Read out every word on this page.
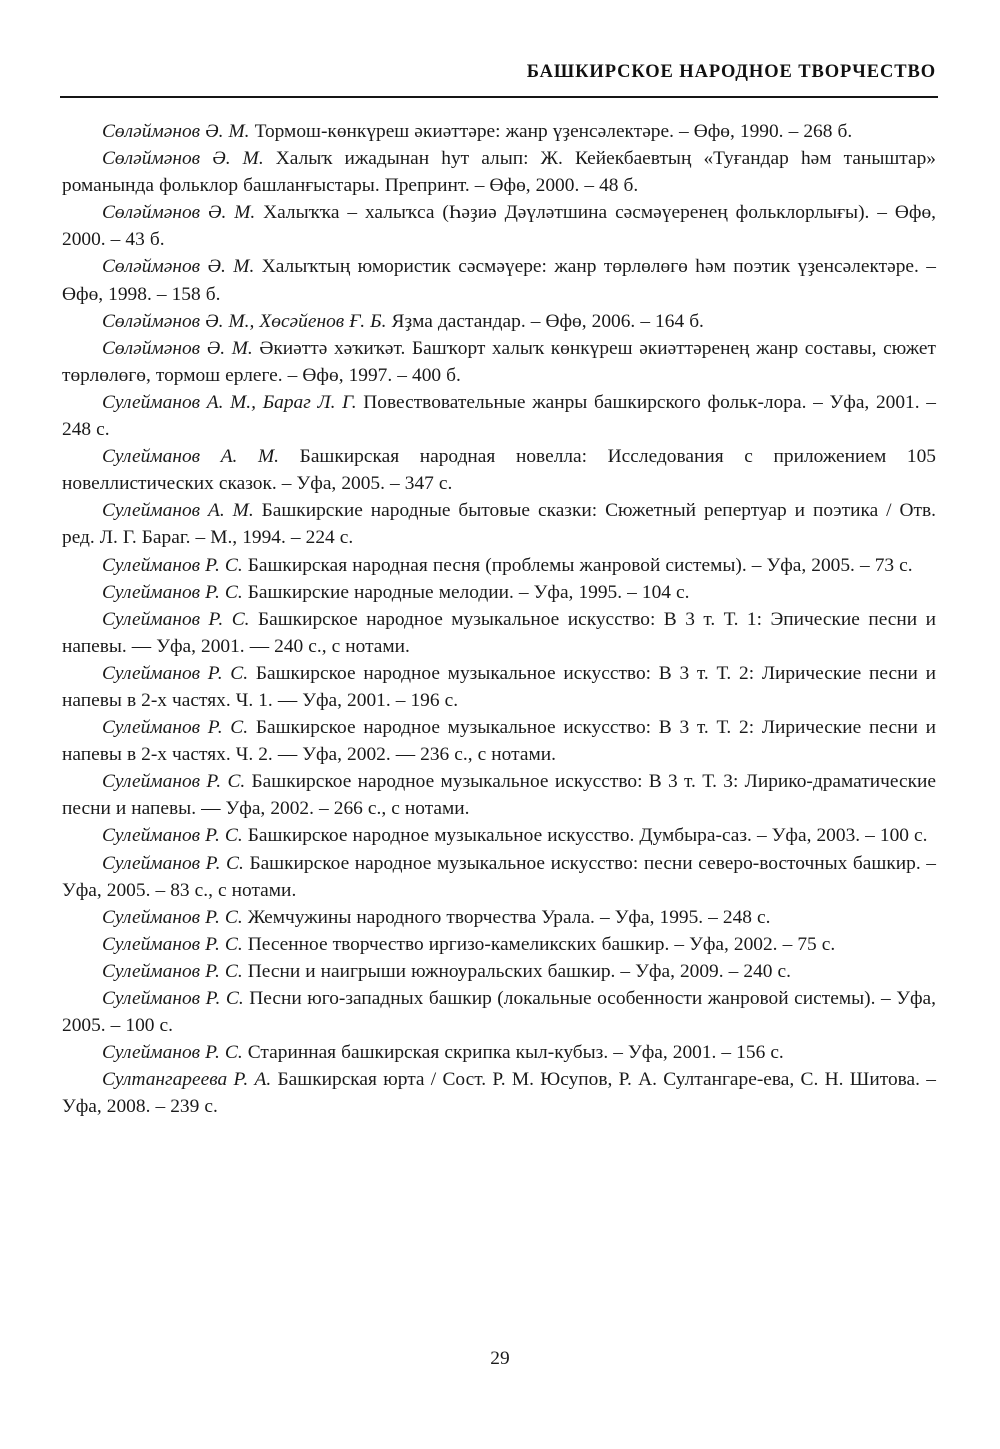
БАШКИРСКОЕ НАРОДНОЕ ТВОРЧЕСТВО

Сөләймәнов Ә. М. Тормош-көнкүреш әкиәттәре: жанр үҙенсәлектәре. – Өфө, 1990. – 268 б.

Сөләймәнов Ә. М. Халыҡ ижадынан һут алып: Ж. Кейекбаевтың «Туғандар һәм таныштар» романында фольклор башланғыстары. Препринт. – Өфө, 2000. – 48 б.

Сөләймәнов Ә. М. Халыҡҡа – халыҡса (Һәҙиә Дәүләтшина сәсмәүеренең фольклорлығы). – Өфө, 2000. – 43 б.

Сөләймәнов Ә. М. Халыҡтың юмористик сәсмәүере: жанр төрлөлөгө һәм поэтик үҙенсәлектәре. – Өфө, 1998. – 158 б.

Сөләймәнов Ә. М., Хөсәйенов Ғ. Б. Яҙма дастандар. – Өфө, 2006. – 164 б.

Сөләймәнов Ә. М. Әкиәттә хәҡиҡәт. Башҡорт халыҡ көнкүреш әкиәттәренең жанр составы, сюжет төрлөлөгө, тормош ерлеге. – Өфө, 1997. – 400 б.

Сулейманов А. М., Бараг Л. Г. Повествовательные жанры башкирского фольк-лора. – Уфа, 2001. – 248 с.

Сулейманов А. М. Башкирская народная новелла: Исследования с приложением 105 новеллистических сказок. – Уфа, 2005. – 347 с.

Сулейманов А. М. Башкирские народные бытовые сказки: Сюжетный репертуар и поэтика / Отв. ред. Л. Г. Бараг. – М., 1994. – 224 с.

Сулейманов Р. С. Башкирская народная песня (проблемы жанровой системы). – Уфа, 2005. – 73 с.

Сулейманов Р. С. Башкирские народные мелодии. – Уфа, 1995. – 104 с.

Сулейманов Р. С. Башкирское народное музыкальное искусство: В 3 т. Т. 1: Эпические песни и напевы. — Уфа, 2001. — 240 с., с нотами.

Сулейманов Р. С. Башкирское народное музыкальное искусство: В 3 т. Т. 2: Лирические песни и напевы в 2-х частях. Ч. 1. — Уфа, 2001. – 196 с.

Сулейманов Р. С. Башкирское народное музыкальное искусство: В 3 т. Т. 2: Лирические песни и напевы в 2-х частях. Ч. 2. — Уфа, 2002. — 236 с., с нотами.

Сулейманов Р. С. Башкирское народное музыкальное искусство: В 3 т. Т. 3: Лирико-драматические песни и напевы. — Уфа, 2002. – 266 с., с нотами.

Сулейманов Р. С. Башкирское народное музыкальное искусство. Думбыра-саз. – Уфа, 2003. – 100 с.

Сулейманов Р. С. Башкирское народное музыкальное искусство: песни северо-восточных башкир. – Уфа, 2005. – 83 с., с нотами.

Сулейманов Р. С. Жемчужины народного творчества Урала. – Уфа, 1995. – 248 с.

Сулейманов Р. С. Песенное творчество иргизо-камеликских башкир. – Уфа, 2002. – 75 с.

Сулейманов Р. С. Песни и наигрыши южноуральских башкир. – Уфа, 2009. – 240 с.

Сулейманов Р. С. Песни юго-западных башкир (локальные особенности жанровой системы). – Уфа, 2005. – 100 с.

Сулейманов Р. С. Старинная башкирская скрипка кыл-кубыз. – Уфа, 2001. – 156 с.

Султангареева Р. А. Башкирская юрта / Сост. Р. М. Юсупов, Р. А. Султангаре-ева, С. Н. Шитова. – Уфа, 2008. – 239 с.

29
